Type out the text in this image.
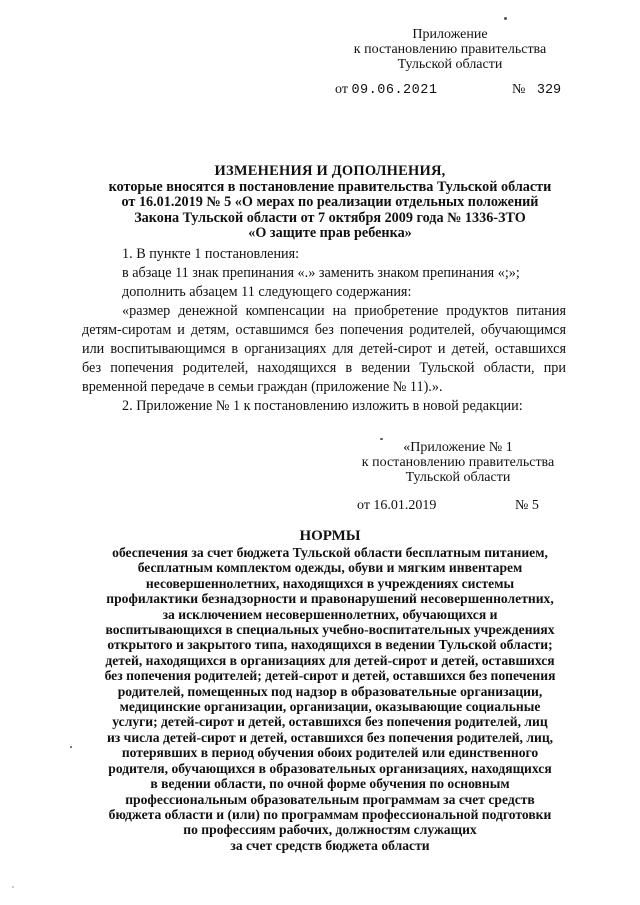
Приложение
к постановлению правительства
Тульской области
от 09.06.2021	№ 329
ИЗМЕНЕНИЯ И ДОПОЛНЕНИЯ,
которые вносятся в постановление правительства Тульской области
от 16.01.2019 № 5 «О мерах по реализации отдельных положений
Закона Тульской области от 7 октября 2009 года № 1336-ЗТО
«О защите прав ребенка»

1. В пункте 1 постановления:

в абзаце 11 знак препинания «.» заменить знаком препинания «;»;

дополнить абзацем 11 следующего содержания:

«размер денежной компенсации на приобретение продуктов питания детям-сиротам и детям, оставшимся без попечения родителей, обучающимся или воспитывающимся в организациях для детей-сирот и детей, оставшихся без попечения родителей, находящихся в ведении Тульской области, при временной передаче в семьи граждан (приложение № 11).».

2. Приложение № 1 к постановлению изложить в новой редакции:

«Приложение № 1
к постановлению правительства
Тульской области
от 16.01.2019	№ 5
НОРМЫ
обеспечения за счет бюджета Тульской области бесплатным питанием,
бесплатным комплектом одежды, обуви и мягким инвентарем
несовершеннолетних, находящихся в учреждениях системы
профилактики безнадзорности и правонарушений несовершеннолетних,
за исключением несовершеннолетних, обучающихся и
воспитывающихся в специальных учебно-воспитательных учреждениях
открытого и закрытого типа, находящихся в ведении Тульской области;
детей, находящихся в организациях для детей-сирот и детей, оставшихся
без попечения родителей; детей-сирот и детей, оставшихся без попечения
родителей, помещенных под надзор в образовательные организации,
медицинские организации, организации, оказывающие социальные
услуги; детей-сирот и детей, оставшихся без попечения родителей, лиц
из числа детей-сирот и детей, оставшихся без попечения родителей, лиц,
потерявших в период обучения обоих родителей или единственного
родителя, обучающихся в образовательных организациях, находящихся
в ведении области, по очной форме обучения по основным
профессиональным образовательным программам за счет средств
бюджета области и (или) по программам профессиональной подготовки
по профессиям рабочих, должностям служащих
за счет средств бюджета области
